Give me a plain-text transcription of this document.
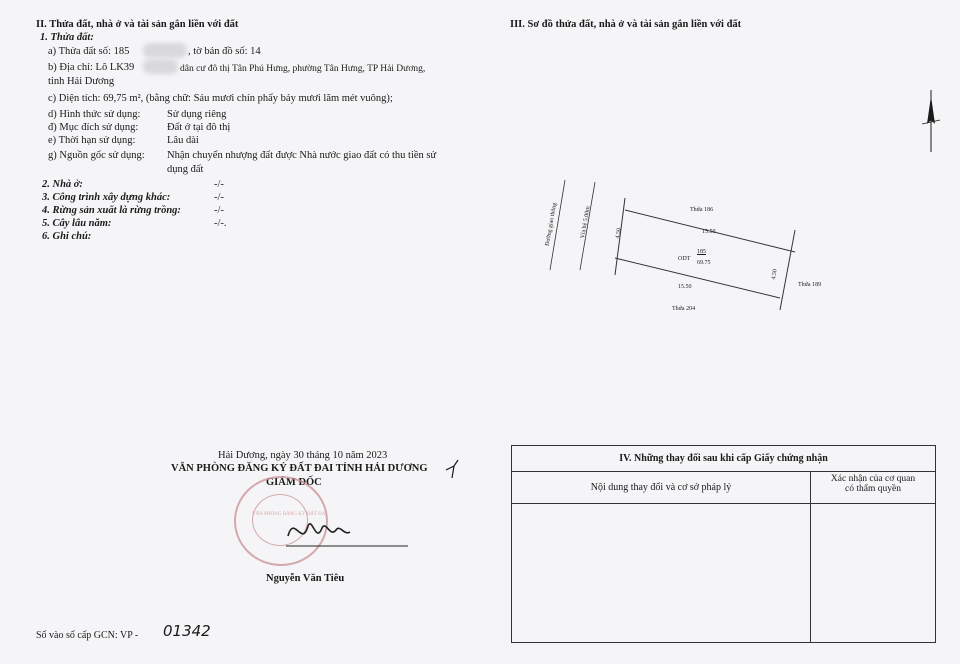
II. Thửa đất, nhà ở và tài sản gắn liền với đất
1. Thửa đất:
a) Thửa đất số: 185	, tờ bản đồ số: 14
b) Địa chỉ: Lô LK39	dân cư đô thị Tân Phú Hưng, phường Tân Hưng, TP Hải Dương,
tỉnh Hải Dương
c) Diện tích: 69,75 m², (bằng chữ: Sáu mươi chín phẩy bảy mươi lăm mét vuông);
d) Hình thức sử dụng:	Sử dụng riêng
đ) Mục đích sử dụng:	Đất ở tại đô thị
e) Thời hạn sử dụng:	Lâu dài
g) Nguồn gốc sử dụng: Nhận chuyển nhượng đất được Nhà nước giao đất có thu tiền sử
dụng đất
2. Nhà ở:	-/-
3. Công trình xây dựng khác:	-/-
4. Rừng sản xuất là rừng trồng:	-/-
5. Cây lâu năm:	-/-.
6. Ghi chú:
III. Sơ đồ thửa đất, nhà ở và tài sản gắn liền với đất
Đường giao thông	Vỉa hè 5.00m	Thửa 186
15.50
4.50
ODT
185
69.75
4.50
Thửa 189
15.50
Thửa 204
Hải Dương, ngày 30 tháng 10 năm 2023
VĂN PHÒNG ĐĂNG KÝ ĐẤT ĐAI TỈNH HẢI DƯƠNG
GIÁM ĐỐC
VĂN PHÒNG ĐĂNG KÝ ĐẤT ĐAI
Nguyễn Văn Tiêu
Số vào sổ cấp GCN: VP - 01342
IV. Những thay đổi sau khi cấp Giấy chứng nhận	
Nội dung thay đổi và cơ sở pháp lý	Xác nhận của cơ quan
có thẩm quyền
